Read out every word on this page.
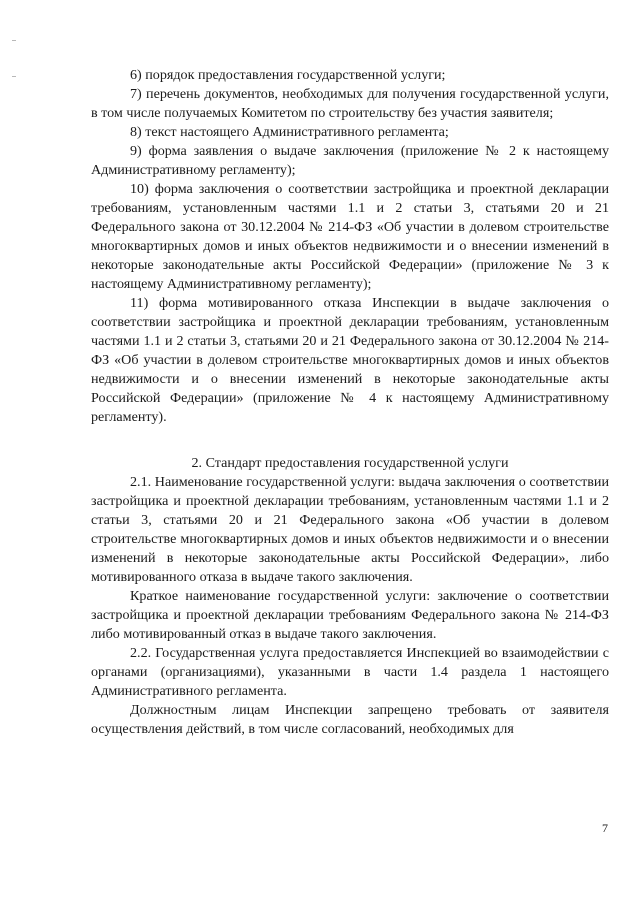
6) порядок предоставления государственной услуги;

7) перечень документов, необходимых для получения государственной услуги, в том числе получаемых Комитетом по строительству без участия заявителя;

8) текст настоящего Административного регламента;

9) форма заявления о выдаче заключения (приложение № 2 к настоящему Административному регламенту);

10) форма заключения о соответствии застройщика и проектной декларации требованиям, установленным частями 1.1 и 2 статьи 3, статьями 20 и 21 Федерального закона от 30.12.2004 № 214-ФЗ «Об участии в долевом строительстве многоквартирных домов и иных объектов недвижимости и о внесении изменений в некоторые законодательные акты Российской Федерации» (приложение № 3 к настоящему Административному регламенту);

11) форма мотивированного отказа Инспекции в выдаче заключения о соответствии застройщика и проектной декларации требованиям, установленным частями 1.1 и 2 статьи 3, статьями 20 и 21 Федерального закона от 30.12.2004 № 214-ФЗ «Об участии в долевом строительстве многоквартирных домов и иных объектов недвижимости и о внесении изменений в некоторые законодательные акты Российской Федерации» (приложение № 4 к настоящему Административному регламенту).

2. Стандарт предоставления государственной услуги

2.1. Наименование государственной услуги: выдача заключения о соответствии застройщика и проектной декларации требованиям, установленным частями 1.1 и 2 статьи 3, статьями 20 и 21 Федерального закона «Об участии в долевом строительстве многоквартирных домов и иных объектов недвижимости и о внесении изменений в некоторые законодательные акты Российской Федерации», либо мотивированного отказа в выдаче такого заключения.

Краткое наименование государственной услуги: заключение о соответствии застройщика и проектной декларации требованиям Федерального закона № 214-ФЗ либо мотивированный отказ в выдаче такого заключения.

2.2. Государственная услуга предоставляется Инспекцией во взаимодействии с органами (организациями), указанными в части 1.4 раздела 1 настоящего Административного регламента.

Должностным лицам Инспекции запрещено требовать от заявителя осуществления действий, в том числе согласований, необходимых для

7
